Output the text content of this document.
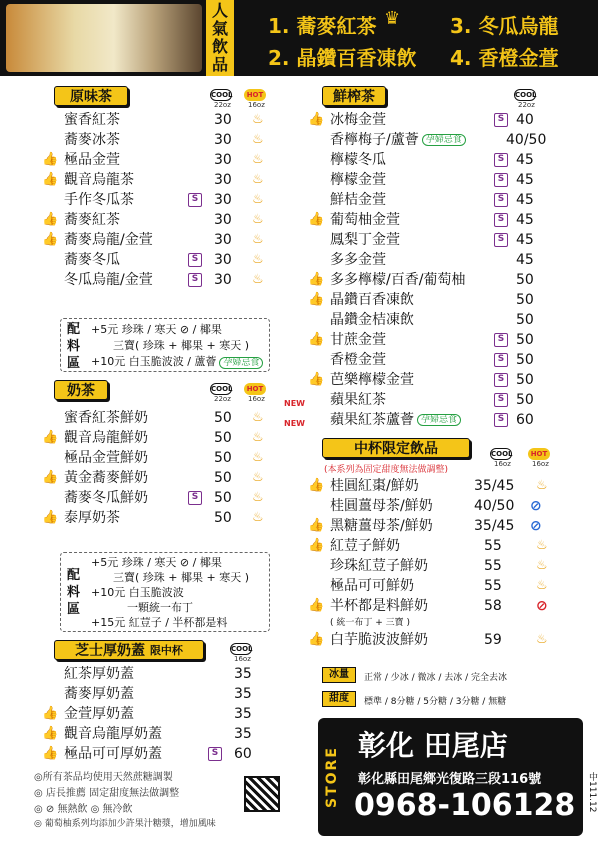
人
氣
飲
品
1. 蕎麥紅茶 ♛
2. 晶鑽百香凍飲
3. 冬瓜烏龍
4. 香橙金萱
原味茶	COOL	HOT
22oz 16oz
蜜香紅茶	30 ♨
蕎麥冰茶	30 ♨
👍 極品金萱	30 ♨
👍 觀音烏龍茶	30 ♨
手作冬瓜茶	S 30 ♨
👍 蕎麥紅茶	30 ♨
👍 蕎麥烏龍/金萱	30 ♨
蕎麥冬瓜	S 30 ♨
冬瓜烏龍/金萱	S 30 ♨
配
料
區
+5元 珍珠 / 寒天 ⊘ / 椰果
三寶( 珍珠 + 椰果 + 寒天 )
+10元 白玉脆波波 / 蘆薈 孕婦忌食
奶茶	COOL	HOT
22oz 16oz
蜜香紅茶鮮奶	50 ♨
👍 觀音烏龍鮮奶	50 ♨
極品金萱鮮奶	50 ♨
👍 黃金蕎麥鮮奶	50 ♨
蕎麥冬瓜鮮奶	S 50 ♨
👍 泰厚奶茶	50 ♨
配
料
區
+5元 珍珠 / 寒天 ⊘ / 椰果
三寶( 珍珠 + 椰果 + 寒天 )
+10元 白玉脆波波
一顆統一布丁
+15元 紅荳子 / 半杯都是料
芝士厚奶蓋
限中杯	COOL
16oz
紅茶厚奶蓋	35
蕎麥厚奶蓋	35
👍 金萱厚奶蓋	35
👍 觀音烏龍厚奶蓋	35
👍 極品可可厚奶蓋	S 60
◎所有茶品均使用天然蔗糖調製
◎ 店長推薦 固定甜度無法做調整
◎ ⊘ 無熱飲 ◎ 無冷飲
◎ 葡萄柚系列均添加少許果汁糖漿，增加風味
鮮榨茶	COOL
22oz
👍 冰梅金萱	S 40
香檸梅子/蘆薈 孕婦忌食	40/50
檸檬冬瓜	S 45
檸檬金萱	S 45
鮮桔金萱	S 45
👍 葡萄柚金萱	S 45
鳳梨丁金萱	S 45
多多金萱	45
👍 多多檸檬/百香/葡萄柚	50
👍 晶鑽百香凍飲	50
晶鑽金桔凍飲	50
👍 甘蔗金萱	S 50
香橙金萱	S 50
👍 芭樂檸檬金萱	S 50
NEW 蘋果紅茶	S 50
NEW 蘋果紅茶蘆薈 孕婦忌食	S 60
中杯限定飲品
(本系列為固定甜度無法做調整)
COOL	HOT
16oz	16oz
👍 桂圓紅棗/鮮奶	35/45 ♨
桂圓薑母茶/鮮奶	40/50 ⊘
👍 黑糖薑母茶/鮮奶	35/45 ⊘
👍 紅荳子鮮奶	55	♨
珍珠紅荳子鮮奶	55	♨
極品可可鮮奶	55	♨
👍 半杯都是料鮮奶	58 ⊘
( 統一布丁 + 三寶 )
👍 白芋脆波波鮮奶	59	♨
冰量	正常 / 少冰 / 微冰 / 去冰 / 完全去冰
甜度	標準 / 8分糖 / 5分糖 / 3分糖 / 無糖
STORE
彰化 田尾店
彰化縣田尾鄉光復路三段116號
0968-106128 中111.12
